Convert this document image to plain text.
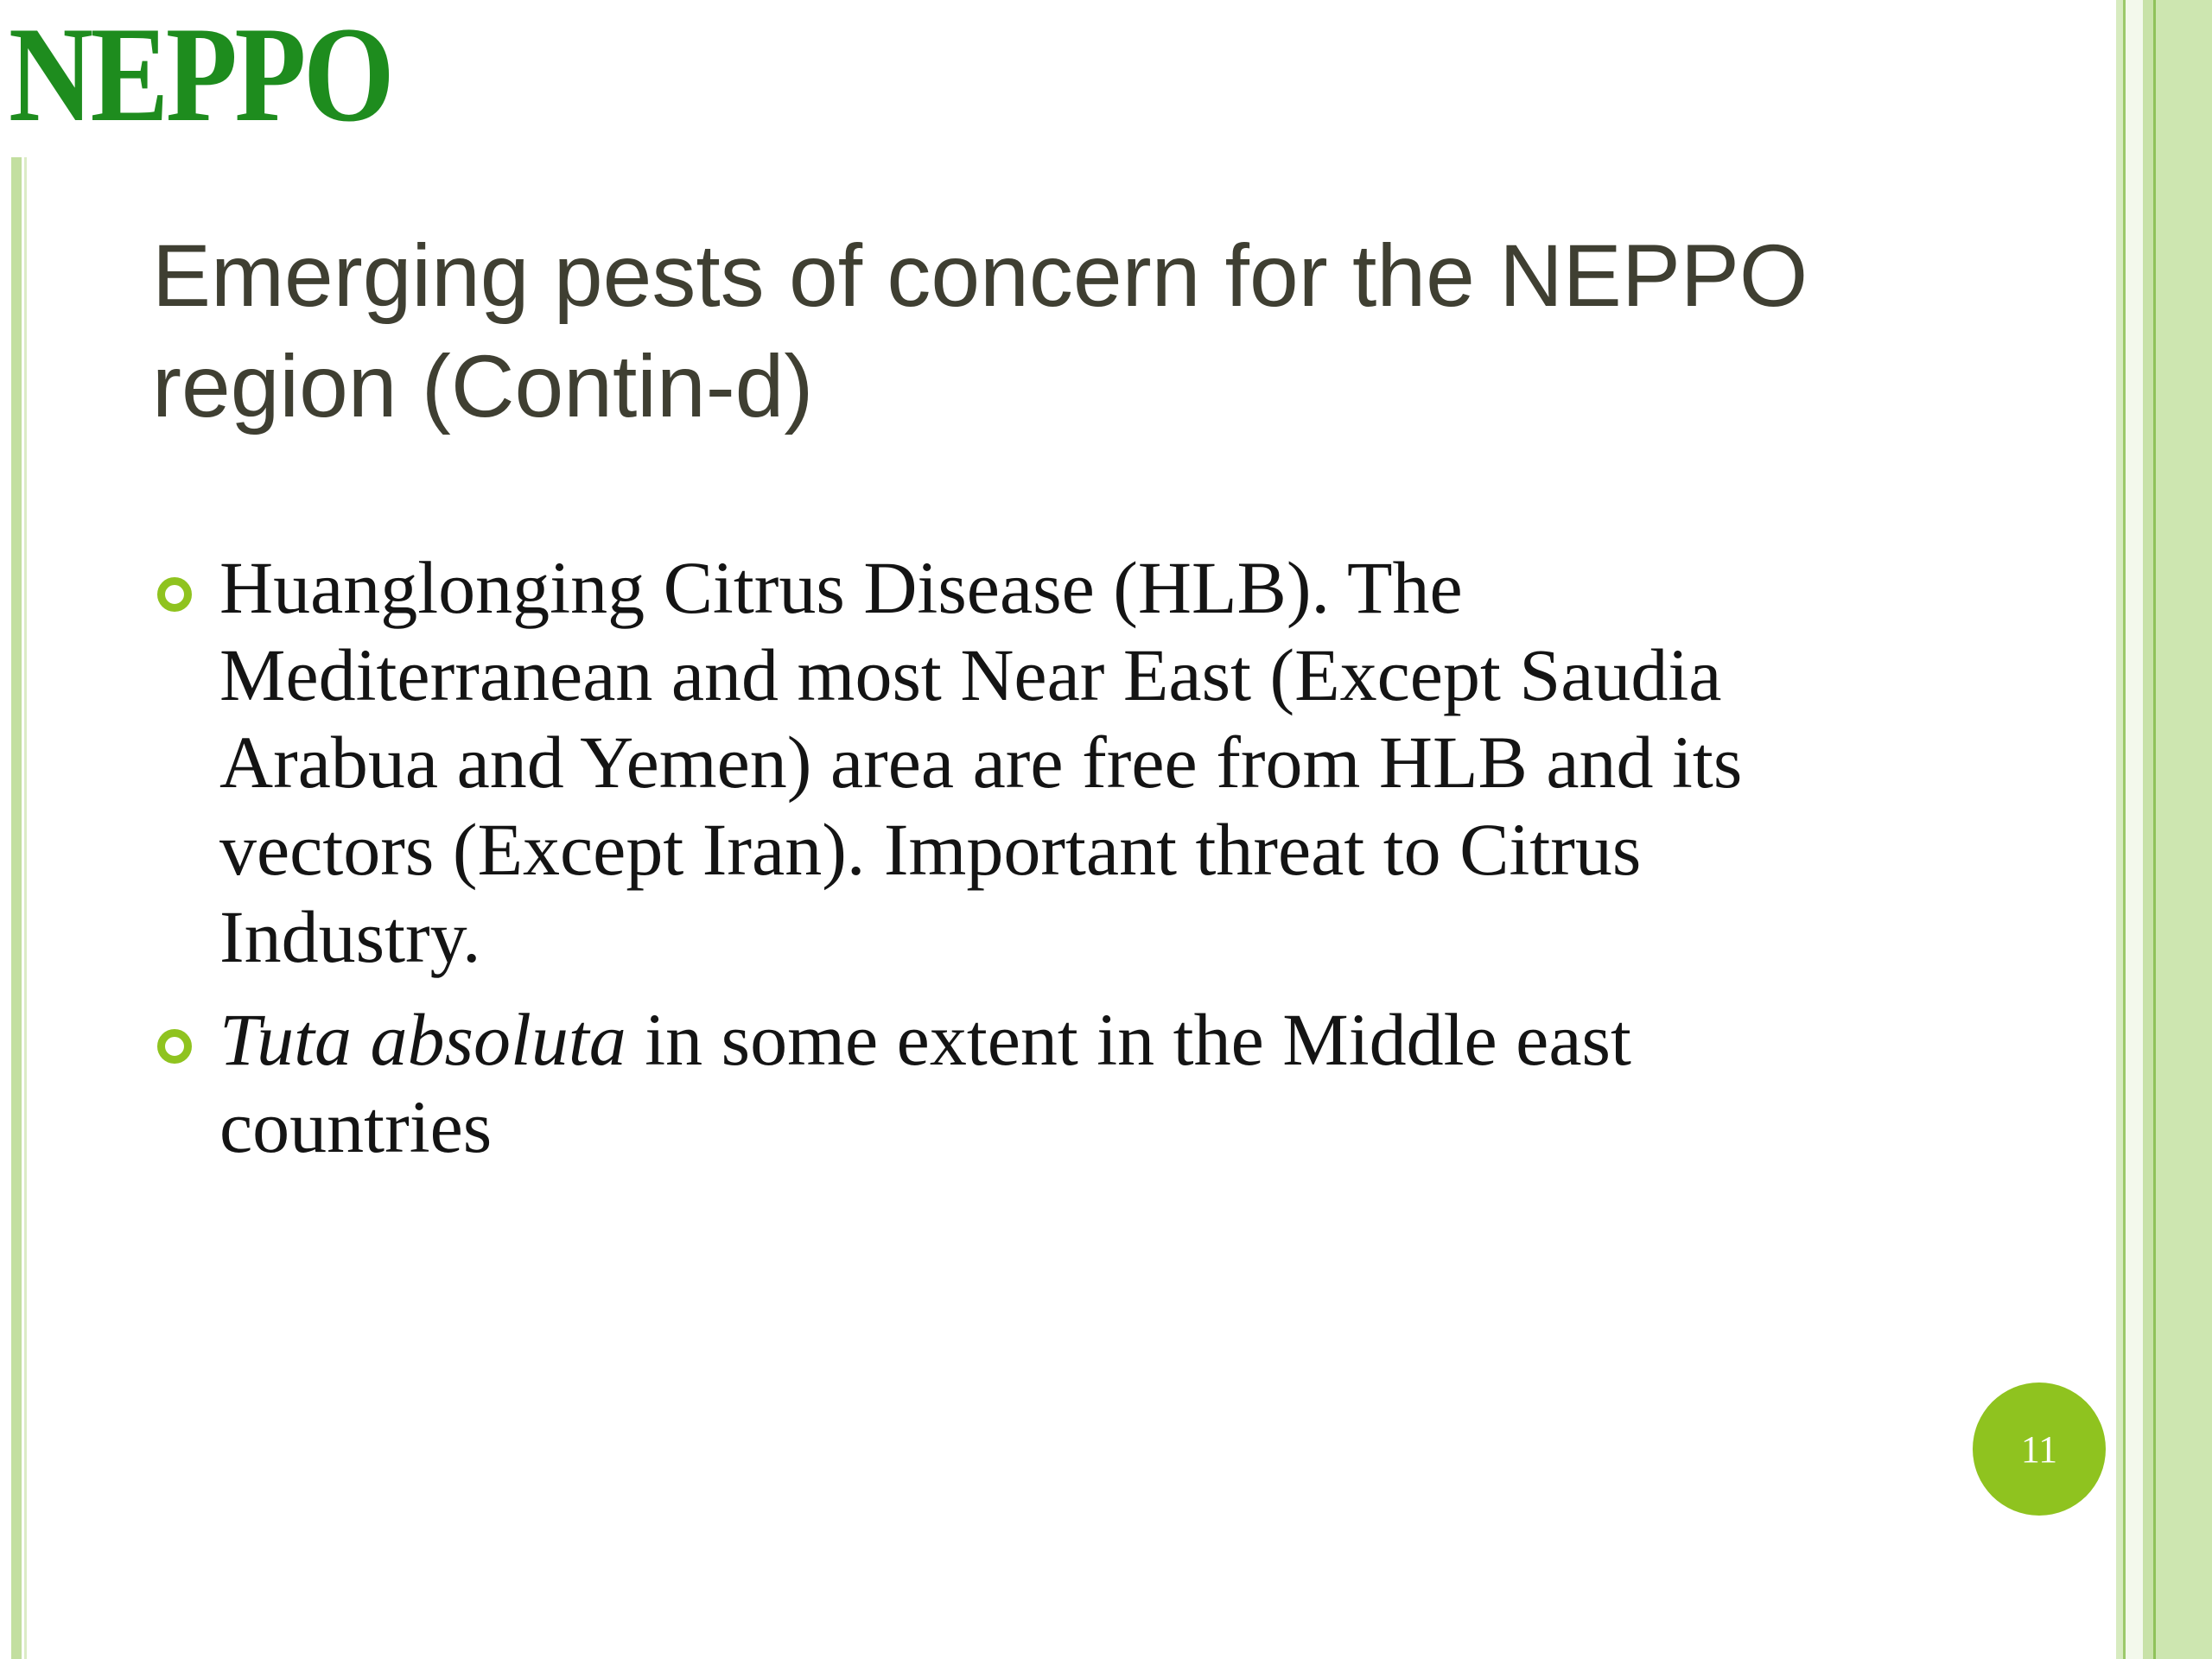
NEPPO
Emerging pests of concern for the NEPPO region (Contin-d)
Huanglonging Citrus Disease (HLB). The Mediterranean and most Near East (Except Saudia Arabua and Yemen) area are free from HLB and its vectors (Except Iran). Important threat to Citrus Industry.
Tuta absoluta in some extent in the Middle east countries
11
